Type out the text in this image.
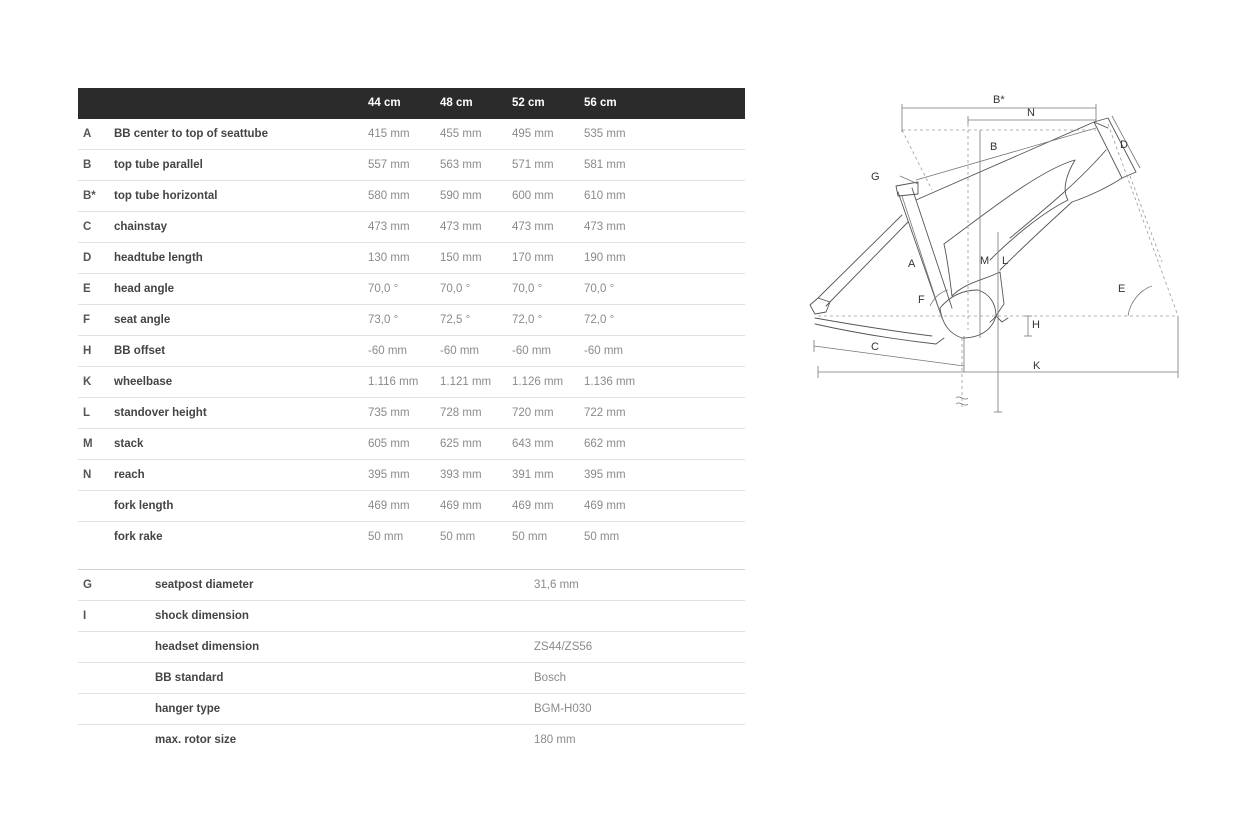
44 cm	48 cm	52 cm	56 cm
A BB center to top of seattube	415 mm	455 mm	495 mm	535 mm
B top tube parallel	557 mm	563 mm	571 mm	581 mm
B* top tube horizontal	580 mm	590 mm	600 mm	610 mm
C chainstay	473 mm	473 mm	473 mm	473 mm
D headtube length	130 mm	150 mm	170 mm	190 mm
E head angle	70,0 °	70,0 °	70,0 °	70,0 °
F seat angle	73,0 °	72,5 °	72,0 °	72,0 °
H BB offset	-60 mm	-60 mm	-60 mm	-60 mm
K wheelbase	1.116 mm 1.121 mm 1.126 mm 1.136 mm
L standover height	735 mm	728 mm	720 mm	722 mm
M stack	605 mm	625 mm	643 mm	662 mm
N reach	395 mm	393 mm	391 mm	395 mm
fork length	469 mm	469 mm	469 mm	469 mm
fork rake	50 mm	50 mm	50 mm	50 mm
G	seatpost diameter	31,6 mm
I	shock dimension
headset dimension	ZS44/ZS56
BB standard	Bosch
hanger type	BGM-H030
max. rotor size	180 mm
B*
N
B	D
G
A	M L
E
F
H
C
K
